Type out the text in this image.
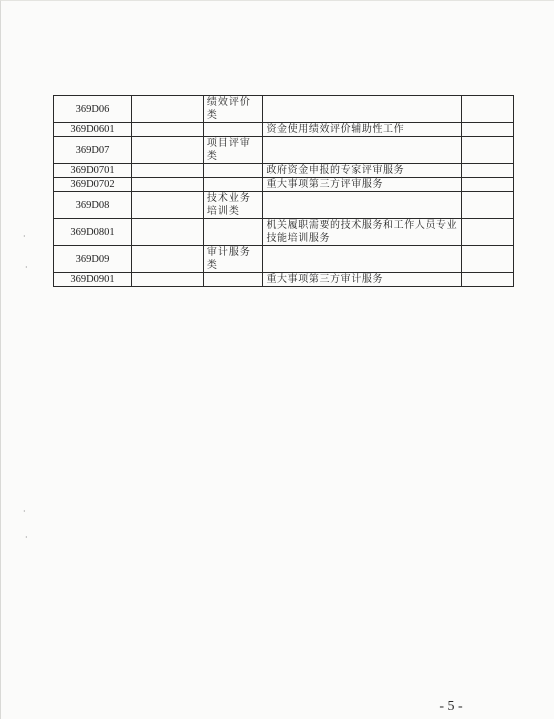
369D06		绩效评价类		
369D0601			资金使用绩效评价辅助性工作	
369D07		项目评审类		
369D0701			政府资金申报的专家评审服务	
369D0702			重大事项第三方评审服务	
369D08		技术业务培训类		
369D0801			机关履职需要的技术服务和工作人员专业技能培训服务	
369D09		审计服务类		
369D0901			重大事项第三方审计服务	
·
·
·
·
- 5 -
